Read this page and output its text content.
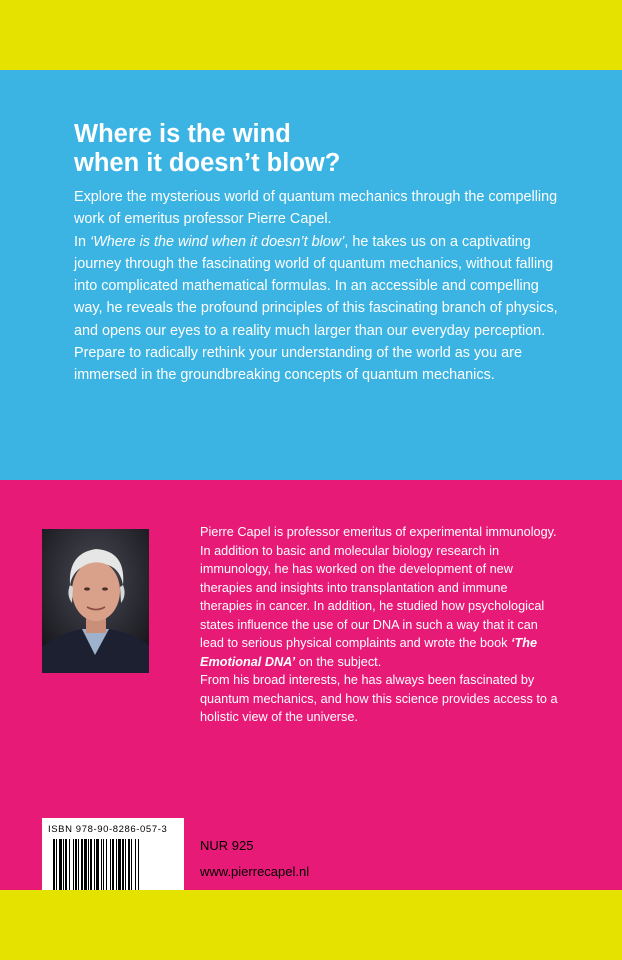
Where is the wind
when it doesn’t blow?

Explore the mysterious world of quantum mechanics through the compelling work of emeritus professor Pierre Capel.

In ‘Where is the wind when it doesn’t blow’, he takes us on a captivating journey through the fascinating world of quantum mechanics, without falling into complicated mathematical formulas. In an accessible and compelling way, he reveals the profound principles of this fascinating branch of physics, and opens our eyes to a reality much larger than our everyday perception. Prepare to radically rethink your understanding of the world as you are immersed in the groundbreaking concepts of quantum mechanics.

Pierre Capel is professor emeritus of experimental immunology. In addition to basic and molecular biology research in immunology, he has worked on the development of new therapies and insights into transplantation and immune therapies in cancer. In addition, he studied how psychological states influence the use of our DNA in such a way that it can lead to serious physical complaints and wrote the book ‘The Emotional DNA’ on the subject.

From his broad interests, he has always been fascinated by quantum mechanics, and how this science provides access to a holistic view of the universe.

ISBN 978-90-8286-057-3
NUR 925
www.pierrecapel.nl
